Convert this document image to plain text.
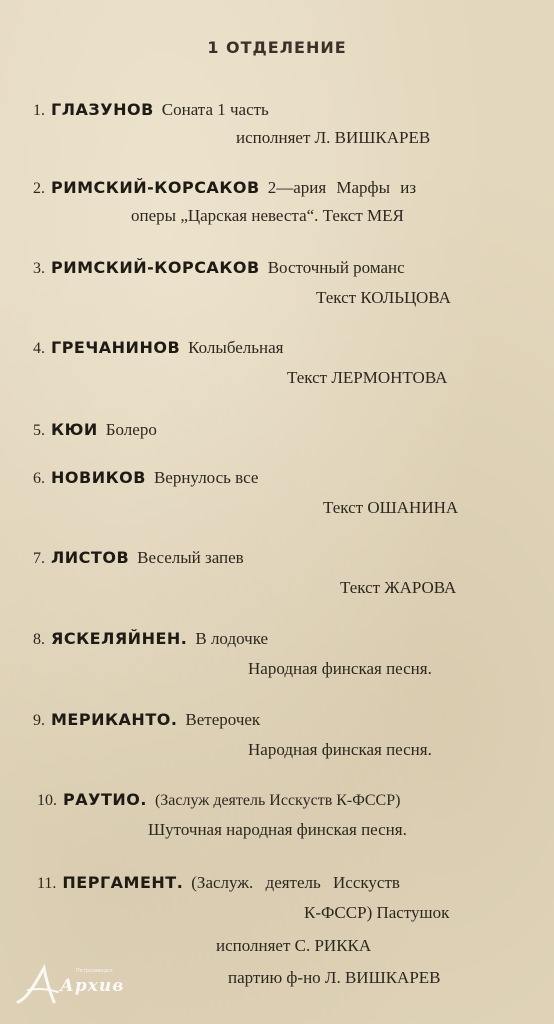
1 ОТДЕЛЕНИЕ
1. ГЛАЗУНОВ Соната 1 часть
исполняет Л. ВИШКАРЕВ
2. РИМСКИЙ-КОРСАКОВ 2—ария Марфы из
оперы „Царская невеста“. Текст МЕЯ
3. РИМСКИЙ-КОРСАКОВ Восточный романс
Текст КОЛЬЦОВА
4. ГРЕЧАНИНОВ Колыбельная
Текст ЛЕРМОНТОВА
5. КЮИ Болеро
6. НОВИКОВ Вернулось все
Текст ОШАНИНА
7. ЛИСТОВ Веселый запев
Текст ЖАРОВА
8. ЯСКЕЛЯЙНЕН. В лодочке
Народная финская песня.
9. МЕРИКАНТО. Ветерочек
Народная финская песня.
10. РАУТИО. (Заслуж деятель Исскуств К-ФССР)
Шуточная народная финская песня.
11. ПЕРГАМЕНТ. (Заслуж. деятель Исскуств
К-ФССР) Пастушок
исполняет С. РИККА
партию ф-но Л. ВИШКАРЕВ
Петрозаводск
Архив
